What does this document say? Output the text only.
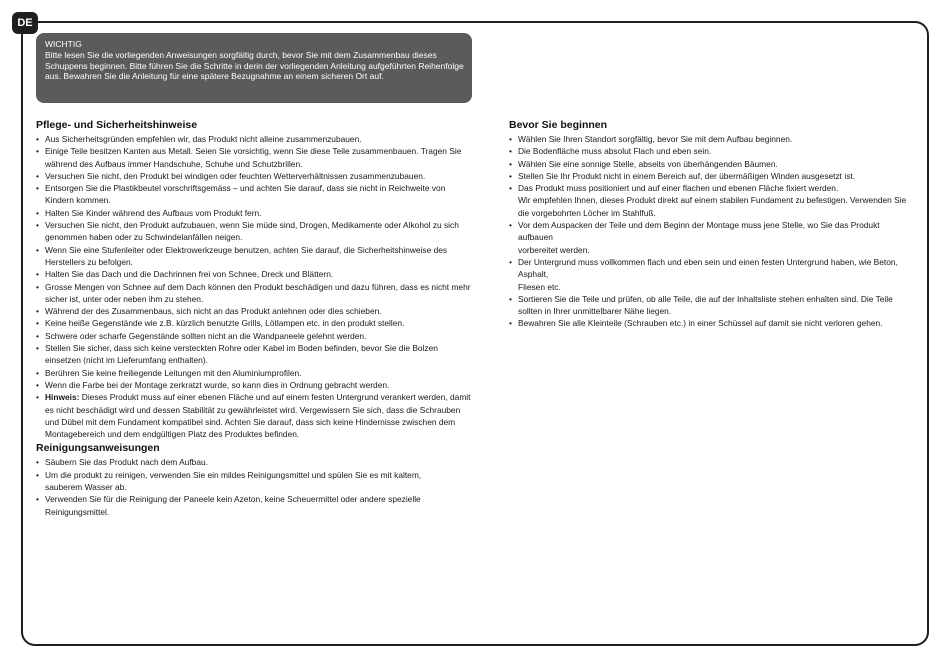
DE
WICHTIG
Bitte lesen Sie die vorliegenden Anweisungen sorgfältig durch, bevor Sie mit dem Zusammenbau dieses Schuppens beginnen. Bitte führen Sie die Schritte in derin der vorliegenden Anleitung aufgeführten Reihenfolge aus. Bewahren Sie die Anleitung für eine spätere Bezugnahme an einem sicheren Ort auf.
Pflege- und Sicherheitshinweise
• Aus Sicherheitsgründen empfehlen wir, das Produkt nicht alleine zusammenzubauen.
• Einige Teile besitzen Kanten aus Metall. Seien Sie vorsichtig, wenn Sie diese Teile zusammenbauen. Tragen Sie während des Aufbaus immer Handschuhe, Schuhe und Schutzbrillen.
• Versuchen Sie nicht, den Produkt bei windigen oder feuchten Wetterverhältnissen zusammenzubauen.
• Entsorgen Sie die Plastikbeutel vorschriftsgemäss – und achten Sie darauf, dass sie nicht in Reichweite von Kindern kommen.
• Halten Sie Kinder während des Aufbaus vom Produkt fern.
• Versuchen Sie nicht, den Produkt aufzubauen, wenn Sie müde sind, Drogen, Medikamente oder Alkohol zu sich genommen haben oder zu Schwindelanfällen neigen.
• Wenn Sie eine Stufenleiter oder Elektrowerkzeuge benutzen, achten Sie darauf, die Sicherheitshinweise des Herstellers zu befolgen.
• Halten Sie das Dach und die Dachrinnen frei von Schnee, Dreck und Blättern.
• Grosse Mengen von Schnee auf dem Dach können den Produkt beschädigen und dazu führen, dass es nicht mehr sicher ist, unter oder neben ihm zu stehen.
• Während der des Zusammenbaus, sich nicht an das Produkt anlehnen oder dies schieben.
• Keine heiße Gegenstände wie z.B. kürzlich benutzte Grills, Lötlampen etc. in den produkt stellen.
• Schwere oder scharfe Gegenstände sollten nicht an die Wandpaneele gelehnt werden.
• Stellen Sie sicher, dass sich keine versteckten Rohre oder Kabel im Boden befinden, bevor Sie die Bolzen einsetzen (nicht im Lieferumfang enthalten).
• Berühren Sie keine freiliegende Leitungen mit den Aluminiumprofilen.
• Wenn die Farbe bei der Montage zerkratzt wurde, so kann dies in Ordnung gebracht werden.
• Hinweis: Dieses Produkt muss auf einer ebenen Fläche und auf einem festen Untergrund verankert werden, damit es nicht beschädigt wird und dessen Stabilität zu gewährleistet wird. Vergewissern Sie sich, dass die Schrauben und Dübel mit dem Fundament kompatibel sind. Achten Sie darauf, dass sich keine Hindernisse zwischen dem Montagebereich und dem endgültigen Platz des Produktes befinden.
Reinigungsanweisungen
• Säubern Sie das Produkt nach dem Aufbau.
• Um die produkt zu reinigen, verwenden Sie ein mildes Reinigungsmittel und spülen Sie es mit kaltem,
sauberem Wasser ab.
• Verwenden Sie für die Reinigung der Paneele kein Azeton, keine Scheuermittel oder andere spezielle Reinigungsmittel.
Bevor Sie beginnen
• Wählen Sie Ihren Standort sorgfältig, bevor Sie mit dem Aufbau beginnen.
• Die Bodenfläche muss absolut Flach und eben sein.
• Wählen Sie eine sonnige Stelle, abseits von überhängenden Bäumen.
• Stellen Sie Ihr Produkt nicht in einem Bereich auf, der übermäßigen Winden ausgesetzt ist.
• Das Produkt muss positioniert und auf einer flachen und ebenen Fläche fixiert werden.
Wir empfehlen Ihnen, dieses Produkt direkt auf einem stabilen Fundament zu befestigen. Verwenden Sie die vorgebohrten Löcher im Stahlfuß.
• Vor dem Auspacken der Teile und dem Beginn der Montage muss jene Stelle, wo Sie das Produkt aufbauen
vorbereitet werden.
• Der Untergrund muss vollkommen flach und eben sein und einen festen Untergrund haben, wie Beton, Asphalt,
Fliesen etc.
• Sortieren Sie die Teile und prüfen, ob alle Teile, die auf der Inhaltsliste stehen enhalten sind. Die Teile sollten in Ihrer unmittelbarer Nähe liegen.
• Bewahren Sie alle Kleinteile (Schrauben etc.) in einer Schüssel auf damit sie nicht verloren gehen.
